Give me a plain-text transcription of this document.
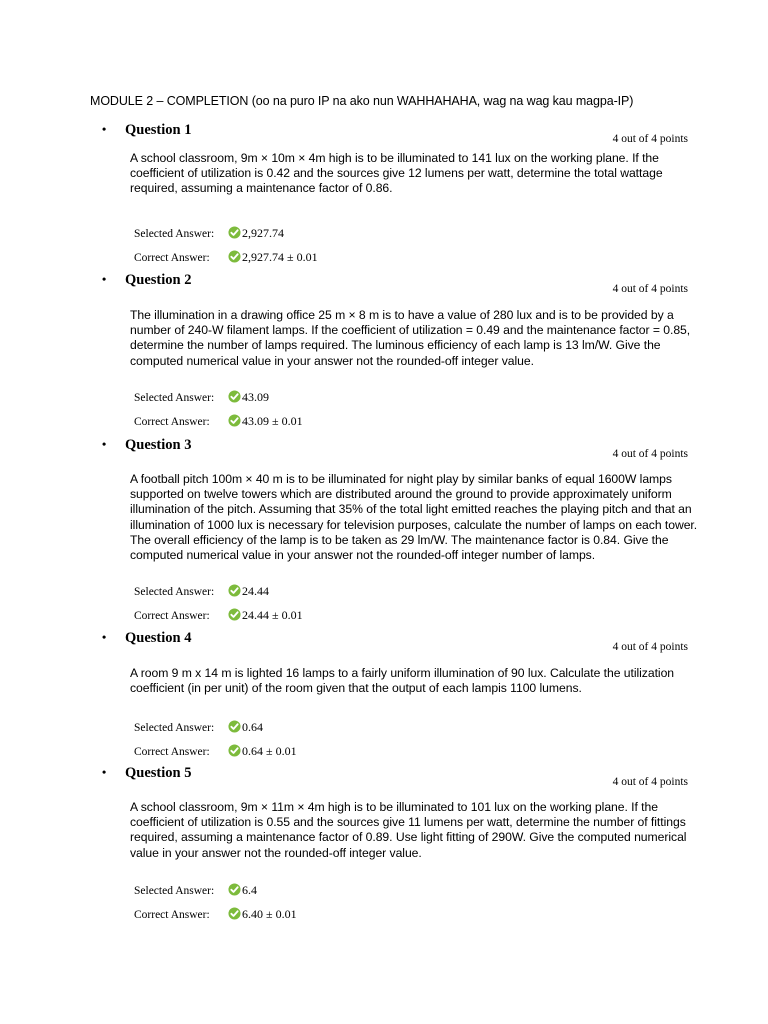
MODULE 2 – COMPLETION (oo na puro IP na ako nun WAHHAHAHA, wag na wag kau magpa-IP)
• Question 1
4 out of 4 points
A school classroom, 9m × 10m × 4m high is to be illuminated to 141 lux on the working plane. If the coefficient of utilization is 0.42 and the sources give 12 lumens per watt, determine the total wattage required, assuming a maintenance factor of 0.86.
Selected Answer: 2,927.74
Correct Answer:	2,927.74 ± 0.01
• Question 2
4 out of 4 points
The illumination in a drawing office 25 m × 8 m is to have a value of 280 lux and is to be provided by a number of 240-W filament lamps. If the coefficient of utilization = 0.49 and the maintenance factor = 0.85, determine the number of lamps required. The luminous efficiency of each lamp is 13 lm/W. Give the computed numerical value in your answer not the rounded-off integer value.
Selected Answer: 43.09
Correct Answer:	43.09 ± 0.01
• Question 3
4 out of 4 points
A football pitch 100m × 40 m is to be illuminated for night play by similar banks of equal 1600W lamps supported on twelve towers which are distributed around the ground to provide approximately uniform illumination of the pitch. Assuming that 35% of the total light emitted reaches the playing pitch and that an illumination of 1000 lux is necessary for television purposes, calculate the number of lamps on each tower. The overall efficiency of the lamp is to be taken as 29 lm/W. The maintenance factor is 0.84. Give the computed numerical value in your answer not the rounded-off integer number of lamps.
Selected Answer: 24.44
Correct Answer:	24.44 ± 0.01
• Question 4
4 out of 4 points
A room 9 m x 14 m is lighted 16 lamps to a fairly uniform illumination of 90 lux. Calculate the utilization coefficient (in per unit) of the room given that the output of each lampis 1100 lumens.
Selected Answer: 0.64
Correct Answer:	0.64 ± 0.01
• Question 5
4 out of 4 points
A school classroom, 9m × 11m × 4m high is to be illuminated to 101 lux on the working plane. If the coefficient of utilization is 0.55 and the sources give 11 lumens per watt, determine the number of fittings required, assuming a maintenance factor of 0.89. Use light fitting of 290W. Give the computed numerical value in your answer not the rounded-off integer value.
Selected Answer: 6.4
Correct Answer:	6.40 ± 0.01
